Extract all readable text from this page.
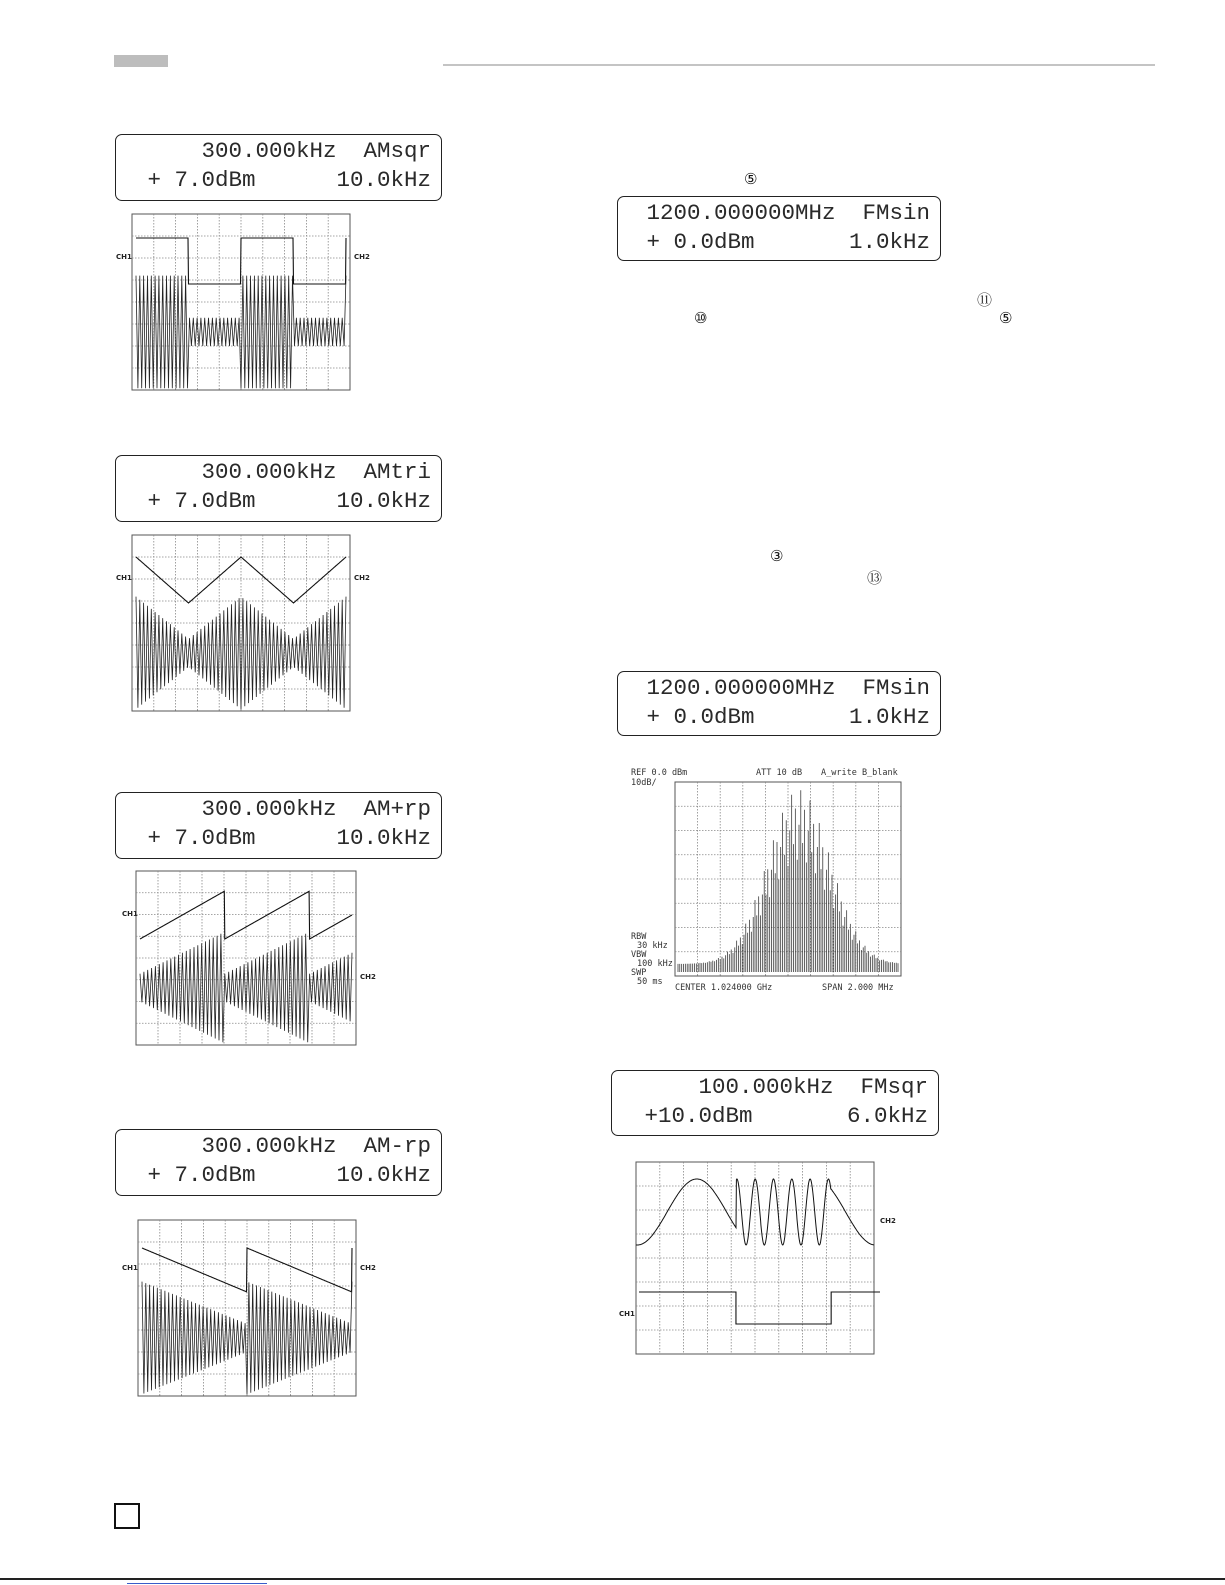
300.000kHz  AMsqr
+ 7.0dBm      10.0kHz
300.000kHz  AMtri
+ 7.0dBm      10.0kHz
300.000kHz  AM+rp
+ 7.0dBm      10.0kHz
300.000kHz  AM-rp
+ 7.0dBm      10.0kHz
1200.000000MHz  FMsin
+ 0.0dBm       1.0kHz
1200.000000MHz  FMsin
+ 0.0dBm       1.0kHz
100.000kHz  FMsqr
+10.0dBm       6.0kHz
⑤
⑪
⑩	⑤
③
⑬
CH1	CH2
CH1	CH2
CH1
CH2
CH1	CH2
REF 0.0 dBm
10dB/
ATT 10 dB A_write B_blank
RBW
30 kHz
VBW
100 kHz
SWP
50 ms
CENTER 1.024000 GHz	SPAN 2.000 MHz
CH1
CH2
